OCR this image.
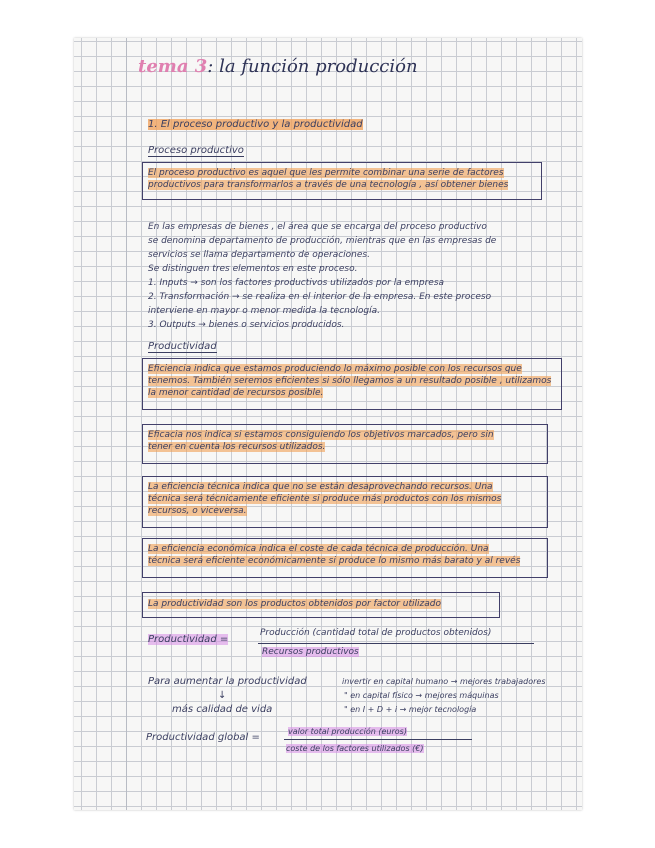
tema 3: la función producción
1. El proceso productivo y la productividad
Proceso productivo
El proceso productivo es aquel que les permite combinar una serie de factores
productivos para transformarlos a través de una tecnología , así obtener bienes
En las empresas de bienes , el área que se encarga del proceso productivo
se denomina departamento de producción, mientras que en las empresas de
servicios se llama departamento de operaciones.
Se distinguen tres elementos en este proceso.
1. Inputs → son los factores productivos utilizados por la empresa
2. Transformación → se realiza en el interior de la empresa. En este proceso
interviene en mayor o menor medida la tecnología.
3. Outputs → bienes o servicios producidos.
Productividad
Eficiencia indica que estamos produciendo lo máximo posible con los recursos que
tenemos. También seremos eficientes si sólo llegamos a un resultado posible , utilizamos
la menor cantidad de recursos posible.
Eficacia nos indica si estamos consiguiendo los objetivos marcados, pero sin
tener en cuenta los recursos utilizados.
La eficiencia técnica indica que no se están desaprovechando recursos. Una
técnica será técnicamente eficiente si produce más productos con los mismos
recursos, o viceversa.
La eficiencia económica indica el coste de cada técnica de producción. Una
técnica será eficiente económicamente si produce lo mismo más barato y al revés
La productividad son los productos obtenidos por factor utilizado
Productividad =
Producción (cantidad total de productos obtenidos)
Recursos productivos
Para aumentar la productividad
↓
más calidad de vida
invertir en capital humano → mejores trabajadores
" en capital físico → mejores máquinas
" en I + D + i → mejor tecnología
Productividad global =
valor total producción (euros)
coste de los factores utilizados (€)
